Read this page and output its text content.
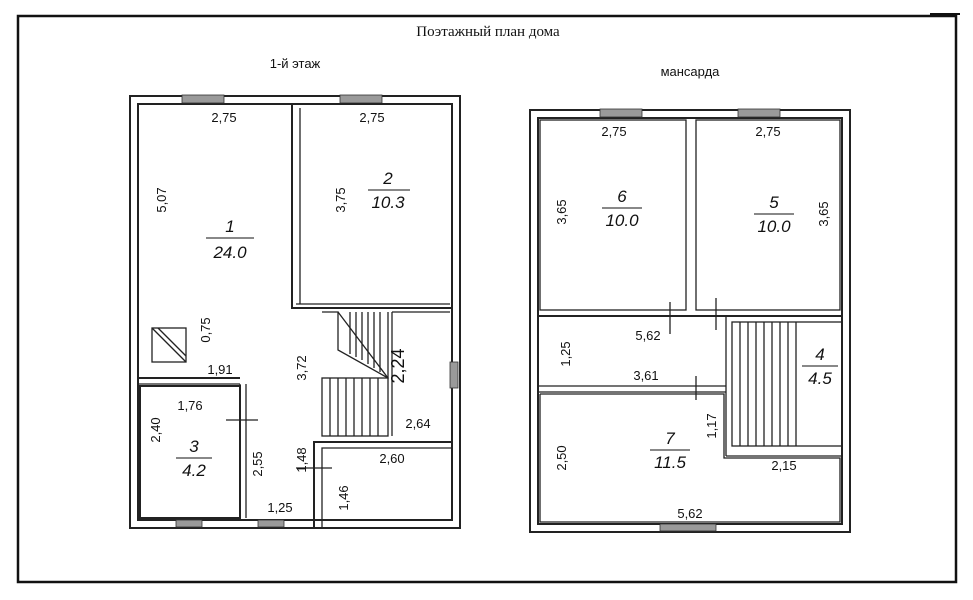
Поэтажный план дома
1-й этаж
2,75	2,75
5,07	3,75
0,75
1,91	3,72	2,24
1,76
2,40
2,55
1,25
1,48
1,46
2,60
2,64
1
24.0
2
10.3
3
4.2
мансарда
2,75	2,75
3,65	3,65
5,62
1,25
3,61
1,17
2,50	2,15
5,62
6
10.0
5
10.0
4
4.5
7
11.5
